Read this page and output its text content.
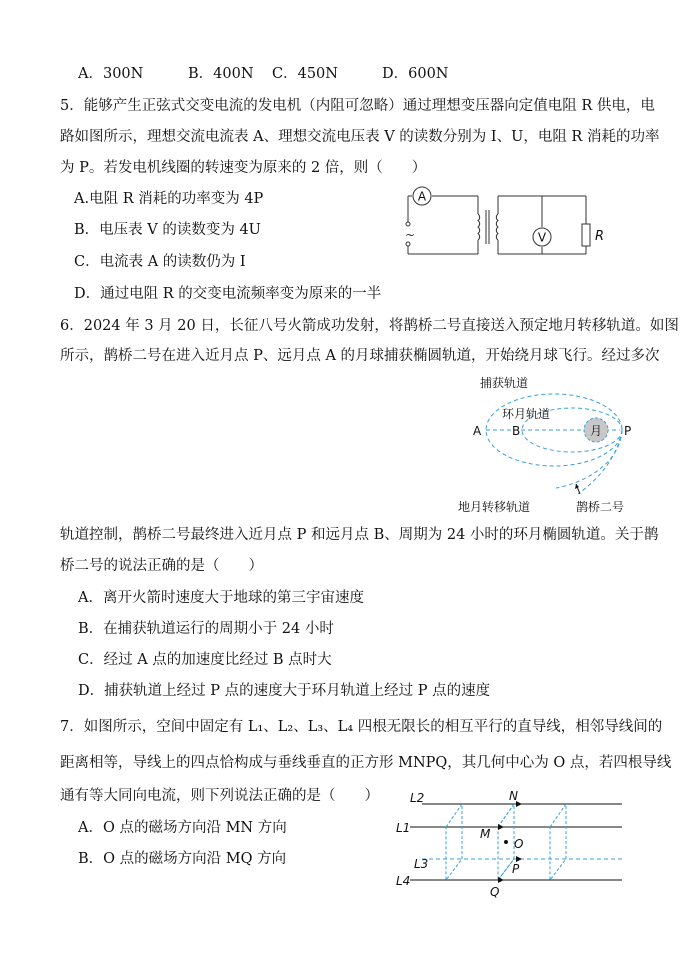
A．300N	B．400N C．450N	D．600N
5．能够产生正弦式交变电流的发电机（内阻可忽略）通过理想变压器向定值电阻 R 供电，电
路如图所示，理想交流电流表 A、理想交流电压表 V 的读数分别为 I、U，电阻 R 消耗的功率
为 P。若发电机线圈的转速变为原来的 2 倍，则（　　）
A.电阻 R 消耗的功率变为 4P
B．电压表 V 的读数变为 4U
C．电流表 A 的读数仍为 I
D．通过电阻 R 的交变电流频率变为原来的一半
~
A
V	R
6．2024 年 3 月 20 日，长征八号火箭成功发射，将鹊桥二号直接送入预定地月转移轨道。如图
所示，鹊桥二号在进入近月点 P、远月点 A 的月球捕获椭圆轨道，开始绕月球飞行。经过多次
月
捕获轨道
环月轨道
A	B	P
地月转移轨道	鹊桥二号
轨道控制，鹊桥二号最终进入近月点 P 和远月点 B、周期为 24 小时的环月椭圆轨道。关于鹊
桥二号的说法正确的是（　　）
A．离开火箭时速度大于地球的第三宇宙速度
B．在捕获轨道运行的周期小于 24 小时
C．经过 A 点的加速度比经过 B 点时大
D．捕获轨道上经过 P 点的速度大于环月轨道上经过 P 点的速度
7．如图所示，空间中固定有 L₁、L₂、L₃、L₄ 四根无限长的相互平行的直导线，相邻导线间的
距离相等，导线上的四点恰构成与垂线垂直的正方形 MNPQ，其几何中心为 O 点，若四根导线
通有等大同向电流，则下列说法正确的是（　　）
A．O 点的磁场方向沿 MN 方向
B．O 点的磁场方向沿 MQ 方向
L2
L1
L3
L4
N
M
O
P
Q
